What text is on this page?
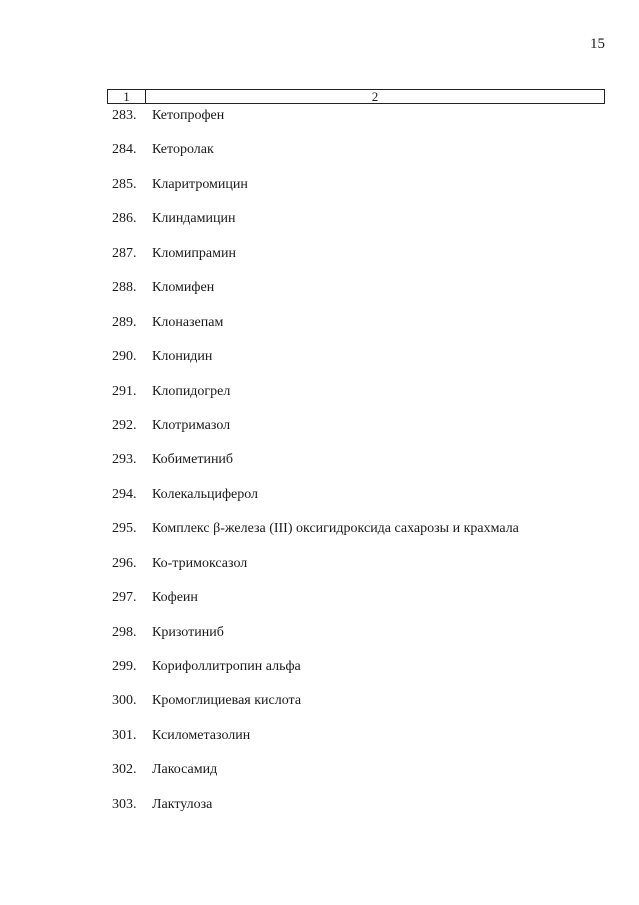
15
1	2
283.	Кетопрофен
284.	Кеторолак
285.	Кларитромицин
286.	Клиндамицин
287.	Кломипрамин
288.	Кломифен
289.	Клоназепам
290.	Клонидин
291.	Клопидогрел
292.	Клотримазол
293.	Кобиметиниб
294.	Колекальциферол
295.	Комплекс β-железа (III) оксигидроксида сахарозы и крахмала
296.	Ко-тримоксазол
297.	Кофеин
298.	Кризотиниб
299.	Корифоллитропин альфа
300.	Кромоглициевая кислота
301.	Ксилометазолин
302.	Лакосамид
303.	Лактулоза
